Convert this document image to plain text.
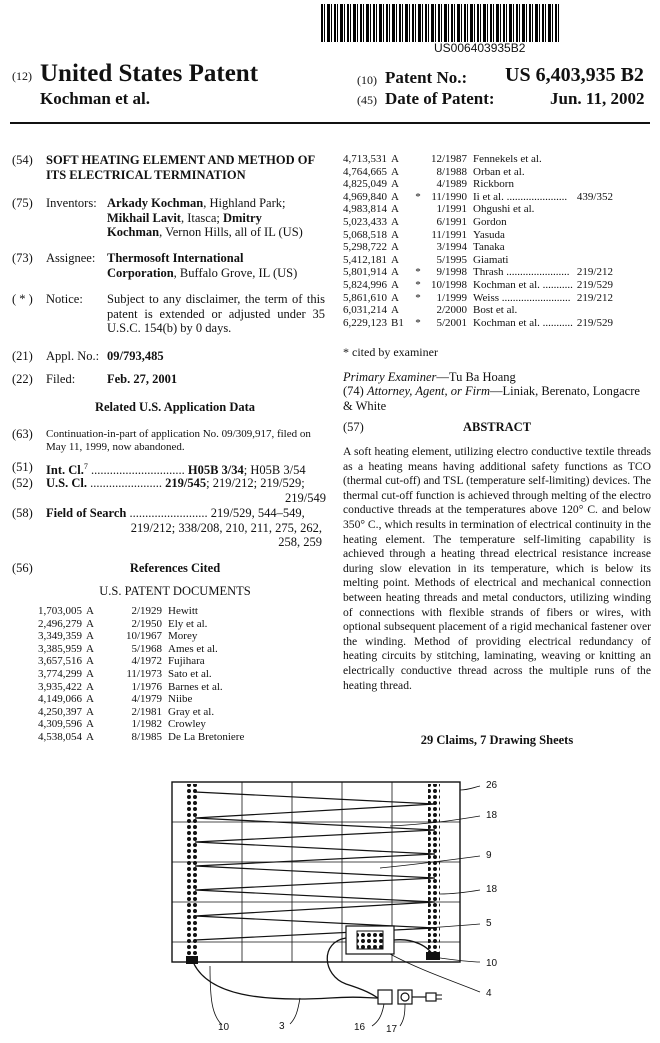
US006403935B2
(12) United States Patent
Kochman et al.
(10) Patent No.: US 6,403,935 B2
(45) Date of Patent:	Jun. 11, 2002
(54) SOFT HEATING ELEMENT AND METHOD OF ITS ELECTRICAL TERMINATION
(75) Inventors: Arkady Kochman, Highland Park;
Mikhail Lavit, Itasca; Dmitry
Kochman, Vernon Hills, all of IL (US)
(73) Assignee: Thermosoft International
Corporation, Buffalo Grove, IL (US)
( * ) Notice: Subject to any disclaimer, the term of this patent is extended or adjusted under 35 U.S.C. 154(b) by 0 days.
(21) Appl. No.: 09/793,485
(22) Filed:	Feb. 27, 2001
Related U.S. Application Data
(63) Continuation-in-part of application No. 09/309,917, filed on May 11, 1999, now abandoned.
(51) Int. Cl.$^7$ .............................. H05B 3/34; H05B 3/54
(52) U.S. Cl. ....................... 219/545; 219/212; 219/529;
219/549
(58) Field of Search ......................... 219/529, 544–549,
219/212; 338/208, 210, 211, 275, 262,
258, 259
(56)	References Cited
U.S. PATENT DOCUMENTS
1,703,005	A		2/1929	Hewitt	
2,496,279	A		2/1950	Ely et al.	
3,349,359	A		10/1967	Morey	
3,385,959	A		5/1968	Ames et al.	
3,657,516	A		4/1972	Fujihara	
3,774,299	A		11/1973	Sato et al.	
3,935,422	A		1/1976	Barnes et al.	
4,149,066	A		4/1979	Niibe	
4,250,397	A		2/1981	Gray et al.	
4,309,596	A		1/1982	Crowley	
4,538,054	A		8/1985	De La Bretoniere	
4,713,531	A		12/1987	Fennekels et al.	
4,764,665	A		8/1988	Orban et al.	
4,825,049	A		4/1989	Rickborn	
4,969,840	A	*	11/1990	Ii et al. ......................	439/352
4,983,814	A		1/1991	Ohgushi et al.	
5,023,433	A		6/1991	Gordon	
5,068,518	A		11/1991	Yasuda	
5,298,722	A		3/1994	Tanaka	
5,412,181	A		5/1995	Giamati	
5,801,914	A	*	9/1998	Thrash .......................	219/212
5,824,996	A	*	10/1998	Kochman et al. ...........	219/529
5,861,610	A	*	1/1999	Weiss .........................	219/212
6,031,214	A		2/2000	Bost et al.	
6,229,123	B1	*	5/2001	Kochman et al. ...........	219/529
* cited by examiner
Primary Examiner—Tu Ba Hoang
(74) Attorney, Agent, or Firm—Liniak, Berenato, Longacre & White
(57)	ABSTRACT
A soft heating element, utilizing electro conductive textile threads as a heating means having additional safety functions as TCO (thermal cut-off) and TSL (temperature self-limiting) devices. The thermal cut-off function is achieved through melting of the electro conductive threads at the temperatures above 120° C. and below 350° C., which results in termination of electrical continuity in the heating element. The temperature self-limiting capability is achieved through a heating thread electrical resistance increase during slow elevation in its temperature, which is below its melting point. Methods of electrical and mechanical connection between heating threads and metal conductors, utilizing winding of connections with flexible strands of fibers or wires, with optional subsequent placement of a rigid mechanical fastener over the winding. Method of providing electrical redundancy of heating circuits by stitching, laminating, weaving or knitting an electrically conductive thread across the multiple runs of the heating thread.
29 Claims, 7 Drawing Sheets
26
18
9
18
5
10
4
10	3	16 17
